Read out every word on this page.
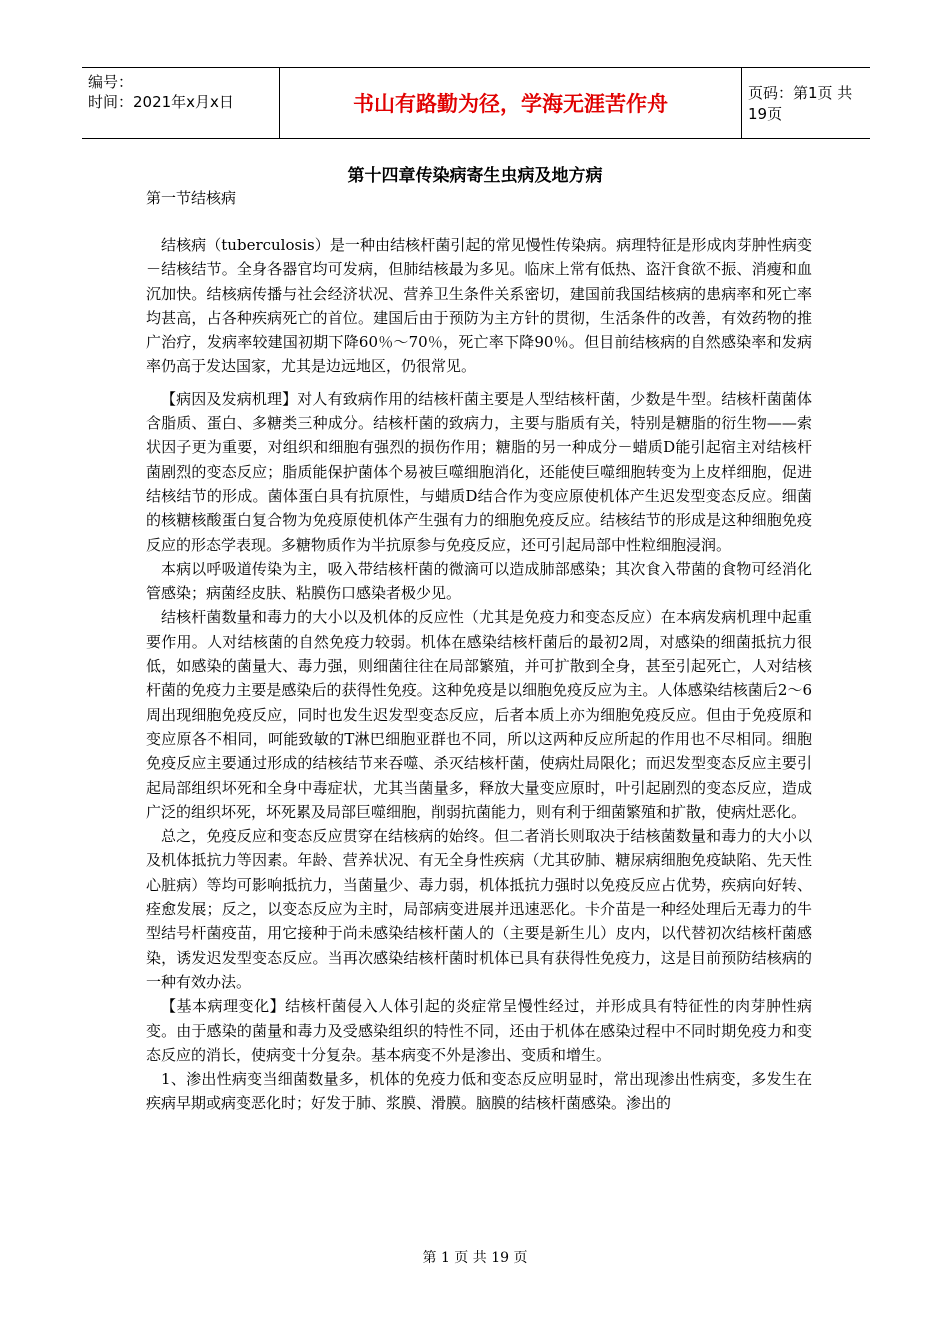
编号：
时间：2021年x月x日	书山有路勤为径，学海无涯苦作舟	页码：第1页 共19页
第十四章传染病寄生虫病及地方病
第一节结核病

结核病（tuberculosis）是一种由结核杆菌引起的常见慢性传染病。病理特征是形成肉芽肿性病变－结核结节。全身各器官均可发病，但肺结核最为多见。临床上常有低热、盗汗食欲不振、消瘦和血沉加快。结核病传播与社会经济状况、营养卫生条件关系密切，建国前我国结核病的患病率和死亡率均甚高，占各种疾病死亡的首位。建国后由于预防为主方针的贯彻，生活条件的改善，有效药物的推广治疗，发病率较建国初期下降60％～70％，死亡率下降90％。但目前结核病的自然感染率和发病率仍高于发达国家，尤其是边远地区，仍很常见。

【病因及发病机理】对人有致病作用的结核杆菌主要是人型结核杆菌，少数是牛型。结核杆菌菌体含脂质、蛋白、多糖类三种成分。结核杆菌的致病力，主要与脂质有关，特别是糖脂的衍生物——索状因子更为重要，对组织和细胞有强烈的损伤作用；糖脂的另一种成分－蜡质D能引起宿主对结核杆菌剧烈的变态反应；脂质能保护菌体个易被巨噬细胞消化，还能使巨噬细胞转变为上皮样细胞，促进结核结节的形成。菌体蛋白具有抗原性，与蜡质D结合作为变应原使机体产生迟发型变态反应。细菌的核糖核酸蛋白复合物为免疫原使机体产生强有力的细胞免疫反应。结核结节的形成是这种细胞免疫反应的形态学表现。多糖物质作为半抗原参与免疫反应，还可引起局部中性粒细胞浸润。

本病以呼吸道传染为主，吸入带结核杆菌的微滴可以造成肺部感染；其次食入带菌的食物可经消化管感染；病菌经皮肤、粘膜伤口感染者极少见。

结核杆菌数量和毒力的大小以及机体的反应性（尤其是免疫力和变态反应）在本病发病机理中起重要作用。人对结核菌的自然免疫力较弱。机体在感染结核杆菌后的最初2周，对感染的细菌抵抗力很低，如感染的菌量大、毒力强，则细菌往往在局部繁殖，并可扩散到全身，甚至引起死亡，人对结核杆菌的免疫力主要是感染后的获得性免疫。这种免疫是以细胞免疫反应为主。人体感染结核菌后2～6周出现细胞免疫反应，同时也发生迟发型变态反应，后者本质上亦为细胞免疫反应。但由于免疫原和变应原各不相同，呵能致敏的T淋巴细胞亚群也不同，所以这两种反应所起的作用也不尽相同。细胞免疫反应主要通过形成的结核结节来吞噬、杀灭结核杆菌，使病灶局限化；而迟发型变态反应主要引起局部组织坏死和全身中毒症状，尤其当菌量多，释放大量变应原时，叶引起剧烈的变态反应，造成广泛的组织坏死，坏死累及局部巨噬细胞，削弱抗菌能力，则有利于细菌繁殖和扩散，使病灶恶化。

总之，免疫反应和变态反应贯穿在结核病的始终。但二者消长则取决于结核菌数量和毒力的大小以及机体抵抗力等因素。年龄、营养状况、有无全身性疾病（尤其矽肺、糖尿病细胞免疫缺陷、先天性心脏病）等均可影响抵抗力，当菌量少、毒力弱，机体抵抗力强时以免疫反应占优势，疾病向好转、痊愈发展；反之，以变态反应为主时，局部病变进展并迅速恶化。卡介苗是一种经处理后无毒力的牛型结号杆菌疫苗，用它接种于尚未感染结核杆菌人的（主要是新生儿）皮内，以代替初次结核杆菌感染，诱发迟发型变态反应。当再次感染结核杆菌时机体已具有获得性免疫力，这是目前预防结核病的一种有效办法。

【基本病理变化】结核杆菌侵入人体引起的炎症常呈慢性经过，并形成具有特征性的肉芽肿性病变。由于感染的菌量和毒力及受感染组织的特性不同，还由于机体在感染过程中不同时期免疫力和变态反应的消长，使病变十分复杂。基本病变不外是渗出、变质和增生。

1、渗出性病变当细菌数量多，机体的免疫力低和变态反应明显时，常出现渗出性病变，多发生在疾病早期或病变恶化时；好发于肺、浆膜、滑膜。脑膜的结核杆菌感染。渗出的

第 1 页 共 19 页
